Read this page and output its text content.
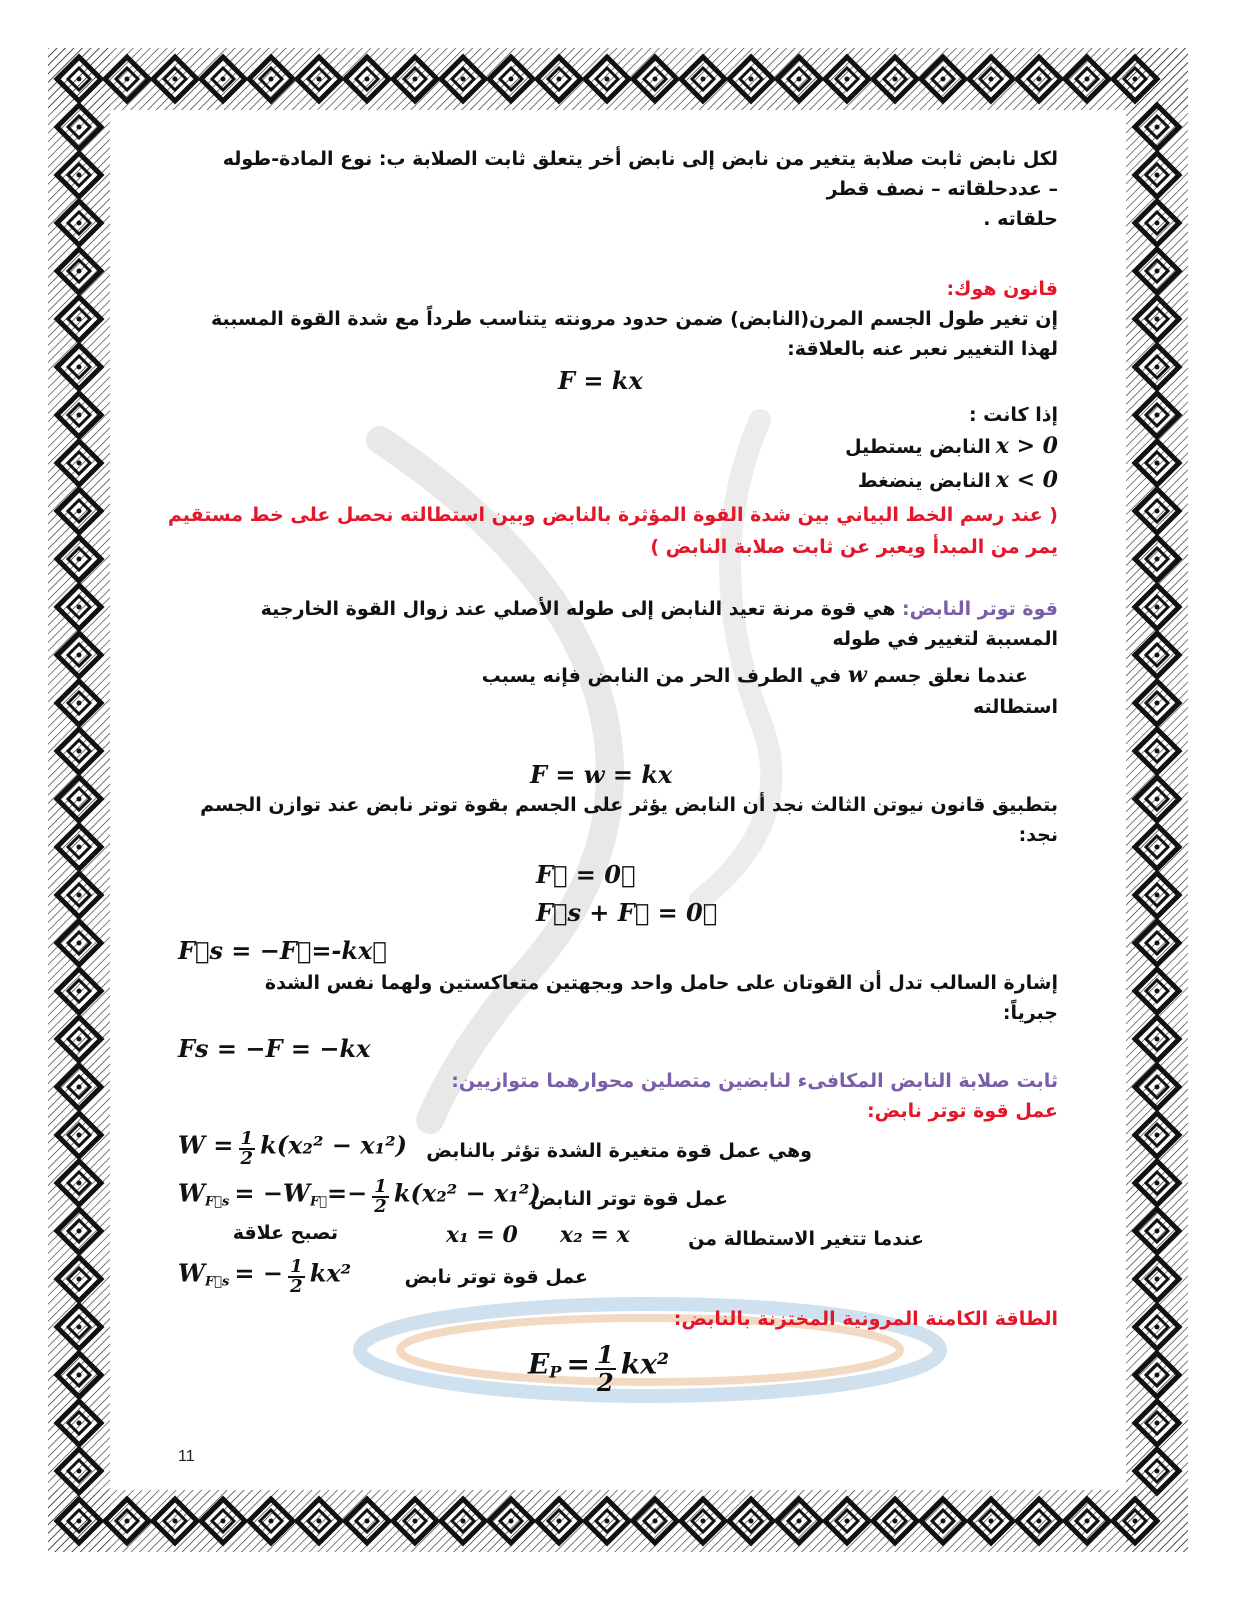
لكل نابض ثابت صلابة يتغير من نابض إلى نابض أخر يتعلق ثابت الصلابة ب: نوع المادة-طوله

– عددحلقاته – نصف قطر

حلقاته .

قانون هوك:

إن تغير طول الجسم المرن(النابض) ضمن حدود مرونته يتناسب طرداً مع شدة القوة المسببة

لهذا التغيير نعبر عنه بالعلاقة:

F = kx

إذا كانت :

x > 0 النابض يستطيل
x < 0 النابض ينضغط

( عند رسم الخط البياني بين شدة القوة المؤثرة بالنابض وبين استطالته نحصل على خط مستقيم

يمر من المبدأ ويعبر عن ثابت صلابة النابض )

قوة توتر النابض: هي قوة مرنة تعيد النابض إلى طوله الأصلي عند زوال القوة الخارجية

المسببة لتغيير في طوله

عندما نعلق جسم w في الطرف الحر من النابض فإنه يسبب

استطالته

F = w = kx

بتطبيق قانون نيوتن الثالث نجد أن النابض يؤثر على الجسم بقوة توتر نابض عند توازن الجسم

نجد:

F⃗ = 0⃗
F⃗s + F⃗ = 0⃗
F⃗s = −F⃗=-kx⃗

إشارة السالب تدل أن القوتان على حامل واحد وبجهتين متعاكستين ولهما نفس الشدة

جبرياً:

Fs = −F = −kx

ثابت صلابة النابض المكافىء لنابضين متصلين محوارهما متوازيين:

عمل قوة توتر نابض:

$W = \frac{1}{2} k(x_2^2 - x_1^2)$	وهي عمل قوة متغيرة الشدة تؤثر بالنابض

$W_{F⃗s} = -W_{F⃗}=- \frac{1}{2} k(x_2^2 - x_1^2)$

عمل قوة توتر النابض

عندما تتغير الاستطالة من

x₂ = x
x₁ = 0

تصبح علاقة

$W_{F⃗s}$ = − $\frac{1}{2} kx^2$	عمل قوة توتر نابض

الطاقة الكامنة المرونية المختزنة بالنابض:

$E_P = \frac{1}{2} kx^2$
11
